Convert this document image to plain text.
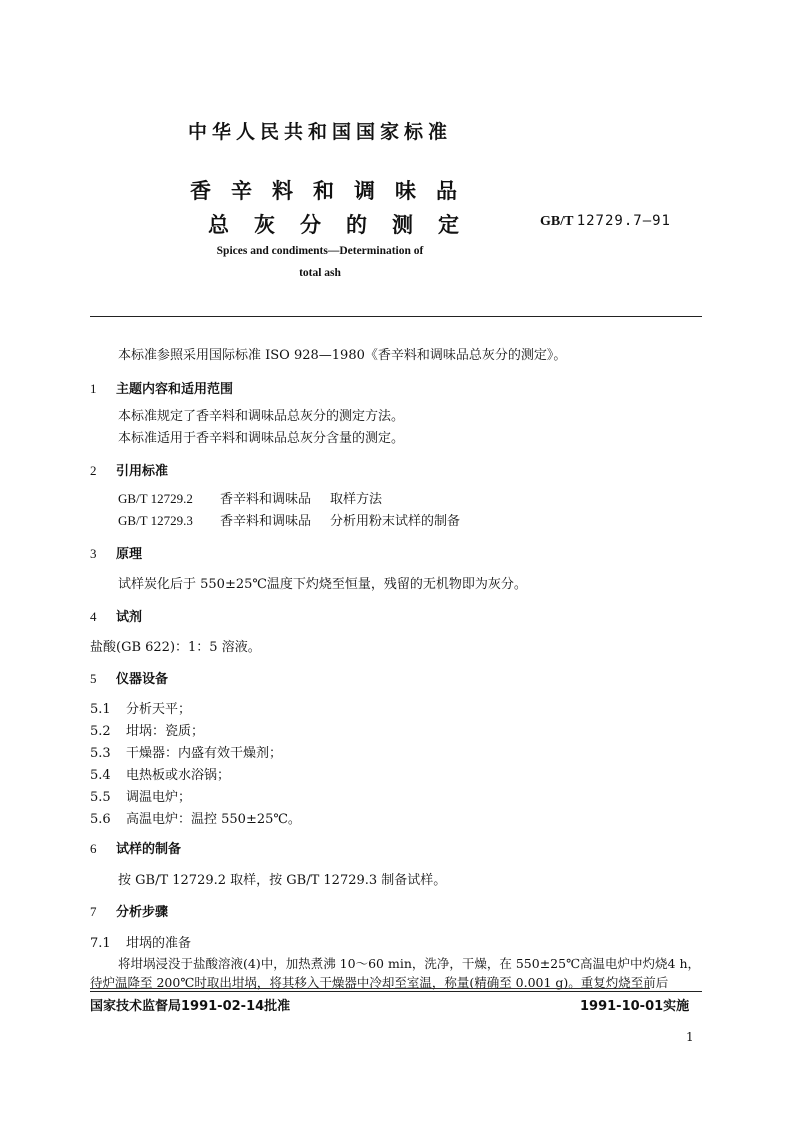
中华人民共和国国家标准
香辛料和调味品
总灰分的测定	GB/T 12729.7—91
Spices and condiments—Determination of
total ash
本标准参照采用国际标准 ISO 928—1980《香辛料和调味品总灰分的测定》。
1 主题内容和适用范围
本标准规定了香辛料和调味品总灰分的测定方法。
本标准适用于香辛料和调味品总灰分含量的测定。
2 引用标准
GB/T 12729.2 香辛料和调味品 取样方法
GB/T 12729.3 香辛料和调味品 分析用粉末试样的制备
3 原理
试样炭化后于 550±25℃温度下灼烧至恒量，残留的无机物即为灰分。
4 试剂
盐酸(GB 622)：1：5 溶液。
5 仪器设备
5.1 分析天平；
5.2 坩埚：瓷质；
5.3 干燥器：内盛有效干燥剂；
5.4 电热板或水浴锅；
5.5 调温电炉；
5.6 高温电炉：温控 550±25℃。
6 试样的制备
按 GB/T 12729.2 取样，按 GB/T 12729.3 制备试样。
7 分析步骤
7.1 坩埚的准备
将坩埚浸没于盐酸溶液(4)中，加热煮沸 10～60 min，洗净，干燥，在 550±25℃高温电炉中灼烧4 h，
待炉温降至 200℃时取出坩埚，将其移入干燥器中冷却至室温，称量(精确至 0.001 g)。重复灼烧至前后
国家技术监督局1991-02-14批准	1991-10-01实施
1
